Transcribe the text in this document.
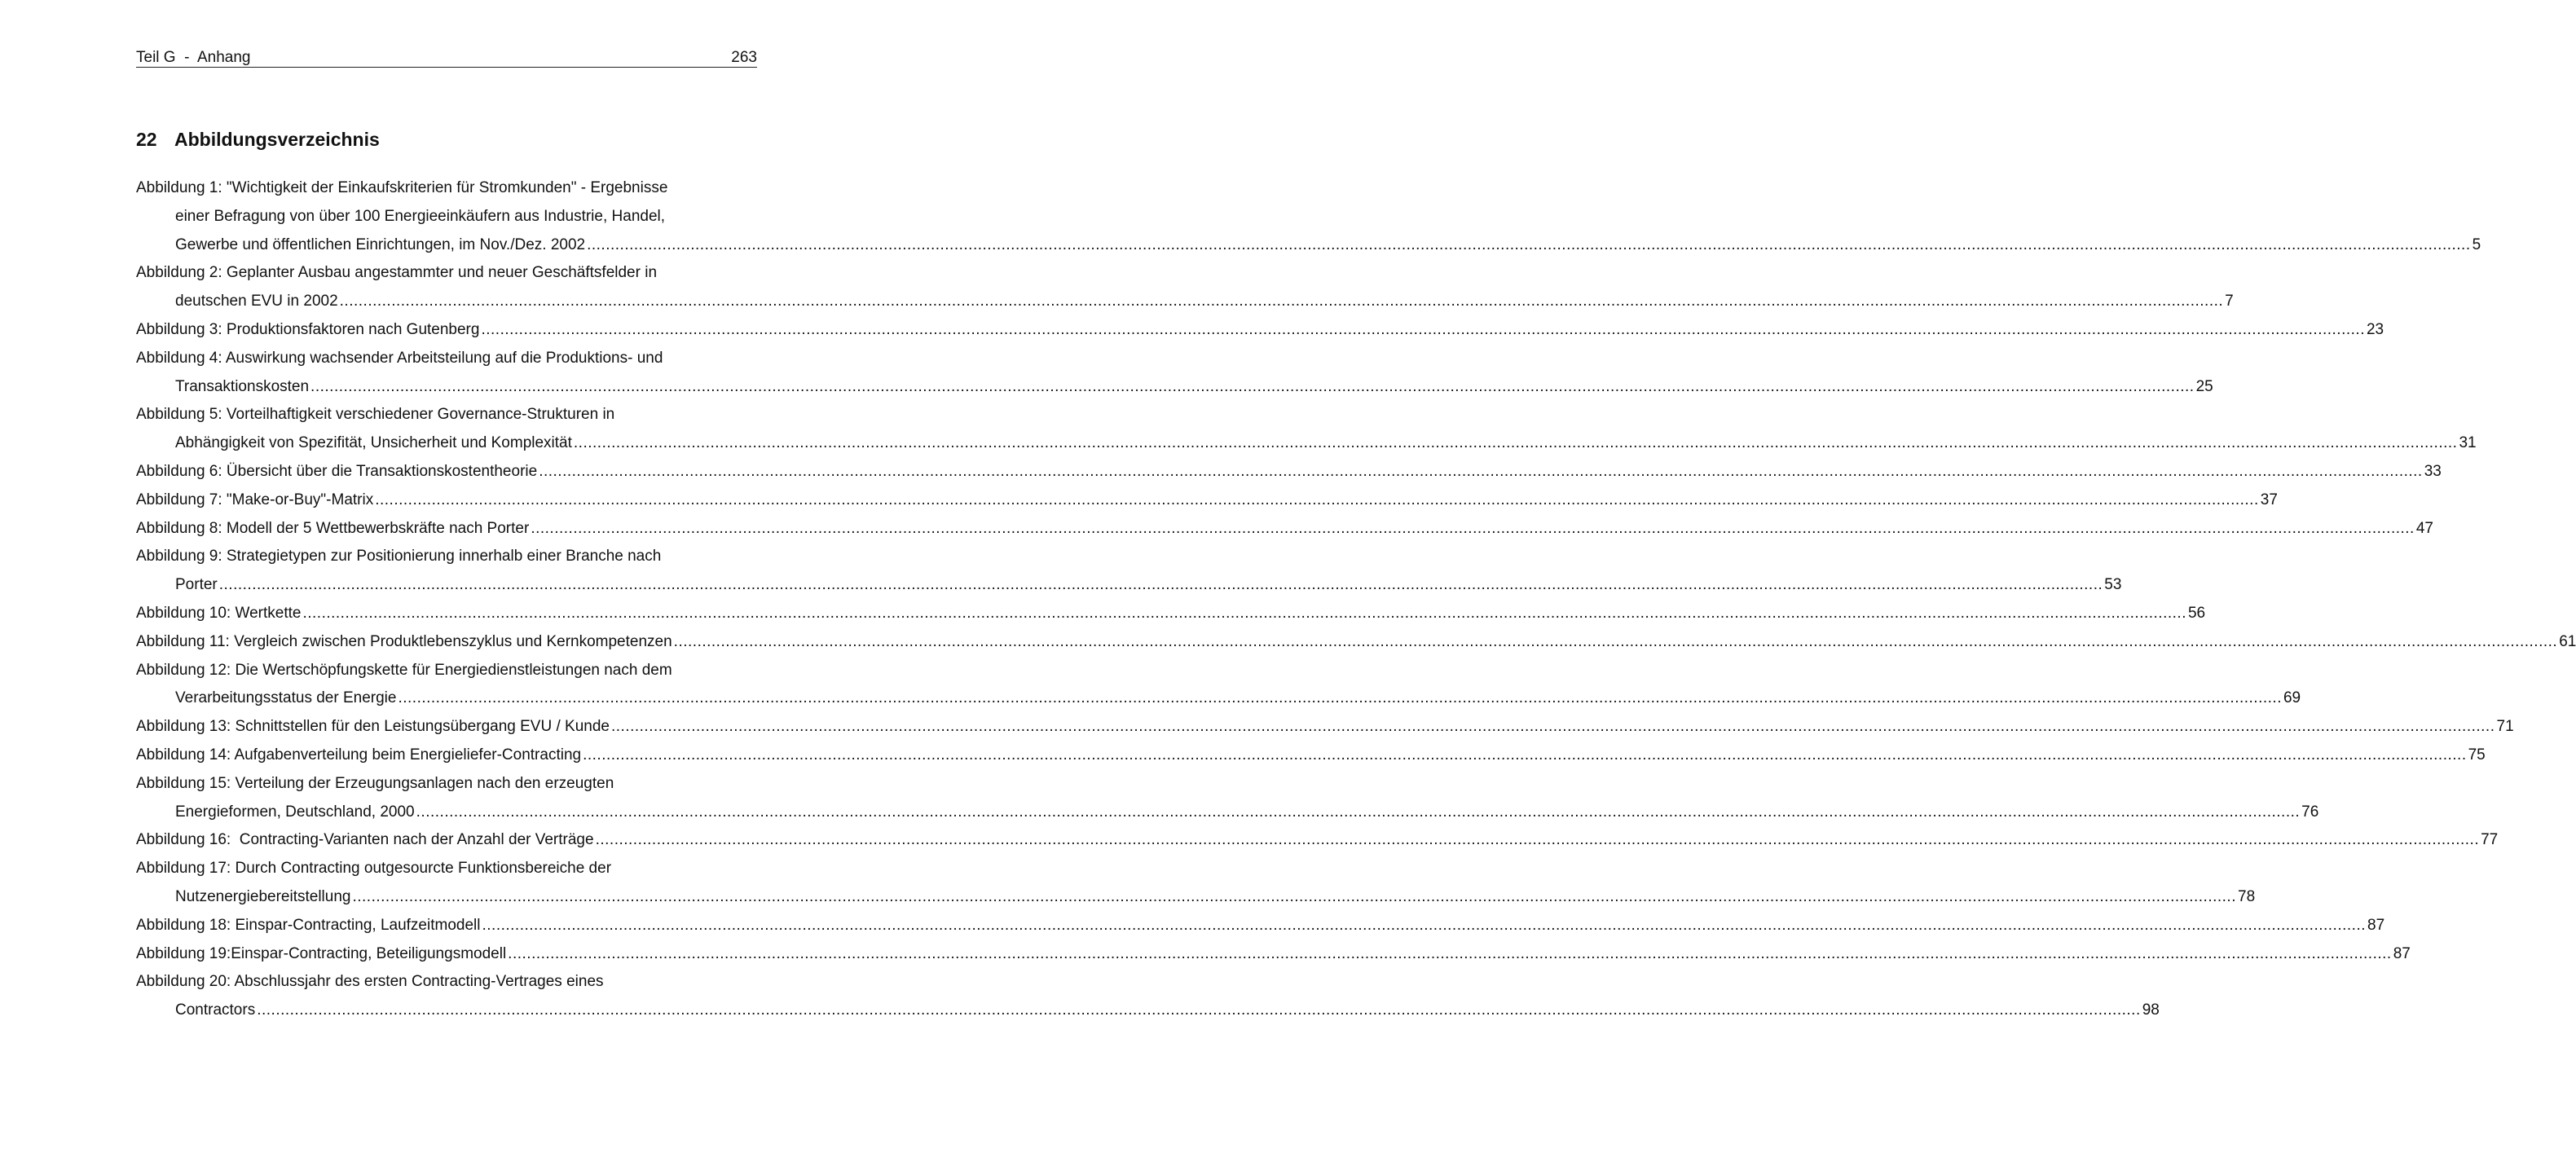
Teil G  -  Anhang	263
22 Abbildungsverzeichnis
Abbildung 1: "Wichtigkeit der Einkaufskriterien für Stromkunden" - Ergebnisse
einer Befragung von über 100 Energieeinkäufern aus Industrie, Handel,
Gewerbe und öffentlichen Einrichtungen, im Nov./Dez. 2002 ................................................................................................................................................................................................................................................................................................................................................................................................................ 5
Abbildung 2: Geplanter Ausbau angestammter und neuer Geschäftsfelder in
deutschen EVU in 2002 ................................................................................................................................................................................................................................................................................................................................................................................................................ 7
Abbildung 3: Produktionsfaktoren nach Gutenberg ................................................................................................................................................................................................................................................................................................................................................................................................................ 23
Abbildung 4: Auswirkung wachsender Arbeitsteilung auf die Produktions- und
Transaktionskosten ................................................................................................................................................................................................................................................................................................................................................................................................................ 25
Abbildung 5: Vorteilhaftigkeit verschiedener Governance-Strukturen in
Abhängigkeit von Spezifität, Unsicherheit und Komplexität ................................................................................................................................................................................................................................................................................................................................................................................................................ 31
Abbildung 6: Übersicht über die Transaktionskostentheorie ................................................................................................................................................................................................................................................................................................................................................................................................................ 33
Abbildung 7: "Make-or-Buy"-Matrix ................................................................................................................................................................................................................................................................................................................................................................................................................ 37
Abbildung 8: Modell der 5 Wettbewerbskräfte nach Porter ................................................................................................................................................................................................................................................................................................................................................................................................................ 47
Abbildung 9: Strategietypen zur Positionierung innerhalb einer Branche nach
Porter ................................................................................................................................................................................................................................................................................................................................................................................................................ 53
Abbildung 10: Wertkette ................................................................................................................................................................................................................................................................................................................................................................................................................ 56
Abbildung 11: Vergleich zwischen Produktlebenszyklus und Kernkompetenzen ................................................................................................................................................................................................................................................................................................................................................................................................................ 61
Abbildung 12: Die Wertschöpfungskette für Energiedienstleistungen nach dem
Verarbeitungsstatus der Energie ................................................................................................................................................................................................................................................................................................................................................................................................................ 69
Abbildung 13: Schnittstellen für den Leistungsübergang EVU / Kunde ................................................................................................................................................................................................................................................................................................................................................................................................................ 71
Abbildung 14: Aufgabenverteilung beim Energieliefer-Contracting ................................................................................................................................................................................................................................................................................................................................................................................................................ 75
Abbildung 15: Verteilung der Erzeugungsanlagen nach den erzeugten
Energieformen, Deutschland, 2000 ................................................................................................................................................................................................................................................................................................................................................................................................................ 76
Abbildung 16:  Contracting-Varianten nach der Anzahl der Verträge ................................................................................................................................................................................................................................................................................................................................................................................................................ 77
Abbildung 17: Durch Contracting outgesourcte Funktionsbereiche der
Nutzenergiebereitstellung ................................................................................................................................................................................................................................................................................................................................................................................................................ 78
Abbildung 18: Einspar-Contracting, Laufzeitmodell ................................................................................................................................................................................................................................................................................................................................................................................................................ 87
Abbildung 19:Einspar-Contracting, Beteiligungsmodell ................................................................................................................................................................................................................................................................................................................................................................................................................ 87
Abbildung 20: Abschlussjahr des ersten Contracting-Vertrages eines
Contractors ................................................................................................................................................................................................................................................................................................................................................................................................................ 98
